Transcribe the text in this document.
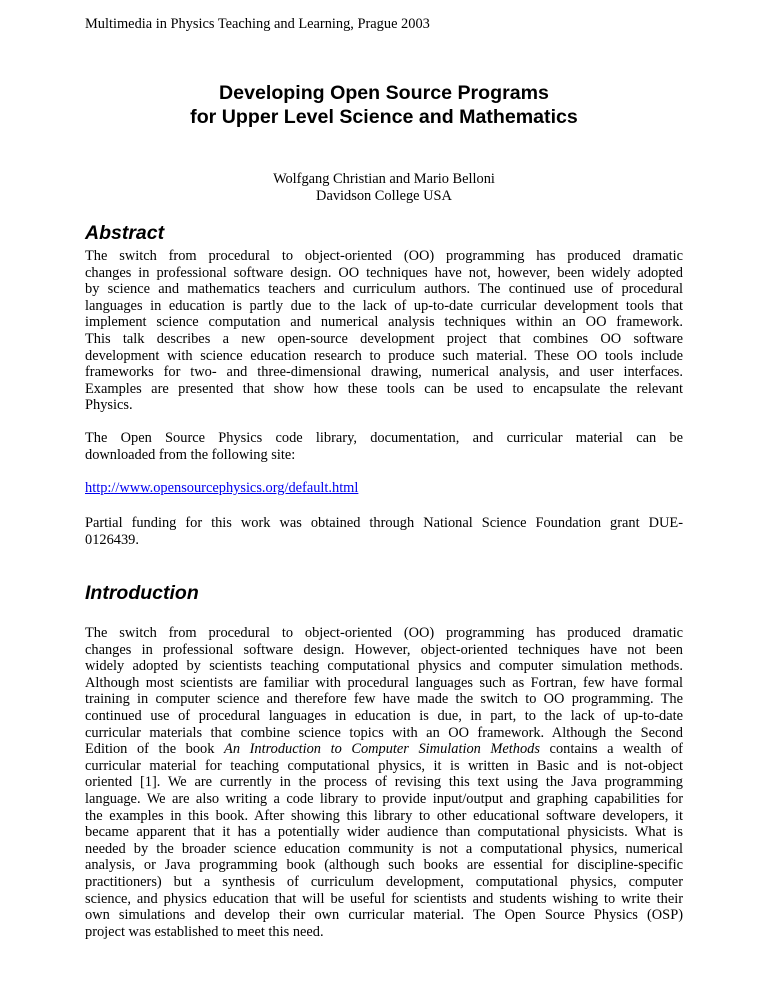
Multimedia in Physics Teaching and Learning, Prague 2003
Developing Open Source Programs
for Upper Level Science and Mathematics
Wolfgang Christian and Mario Belloni
Davidson College USA
Abstract
The switch from procedural to object-oriented (OO) programming has produced dramatic
changes in professional software design. OO techniques have not, however, been widely adopted
by science and mathematics teachers and curriculum authors. The continued use of procedural
languages in education is partly due to the lack of up-to-date curricular development tools that
implement science computation and numerical analysis techniques within an OO framework.
This talk describes a new open-source development project that combines OO software
development with science education research to produce such material. These OO tools include
frameworks for two- and three-dimensional drawing, numerical analysis, and user interfaces.
Examples are presented that show how these tools can be used to encapsulate the relevant
Physics.
The Open Source Physics code library, documentation, and curricular material can be
downloaded from the following site:
http://www.opensourcephysics.org/default.html
Partial funding for this work was obtained through National Science Foundation grant DUE-
0126439.
Introduction
The switch from procedural to object-oriented (OO) programming has produced dramatic
changes in professional software design. However, object-oriented techniques have not been
widely adopted by scientists teaching computational physics and computer simulation methods.
Although most scientists are familiar with procedural languages such as Fortran, few have formal
training in computer science and therefore few have made the switch to OO programming. The
continued use of procedural languages in education is due, in part, to the lack of up-to-date
curricular materials that combine science topics with an OO framework. Although the Second
Edition of the book An Introduction to Computer Simulation Methods contains a wealth of
curricular material for teaching computational physics, it is written in Basic and is not-object
oriented [1]. We are currently in the process of revising this text using the Java programming
language. We are also writing a code library to provide input/output and graphing capabilities for
the examples in this book. After showing this library to other educational software developers, it
became apparent that it has a potentially wider audience than computational physicists. What is
needed by the broader science education community is not a computational physics, numerical
analysis, or Java programming book (although such books are essential for discipline-specific
practitioners) but a synthesis of curriculum development, computational physics, computer
science, and physics education that will be useful for scientists and students wishing to write their
own simulations and develop their own curricular material. The Open Source Physics (OSP)
project was established to meet this need.
